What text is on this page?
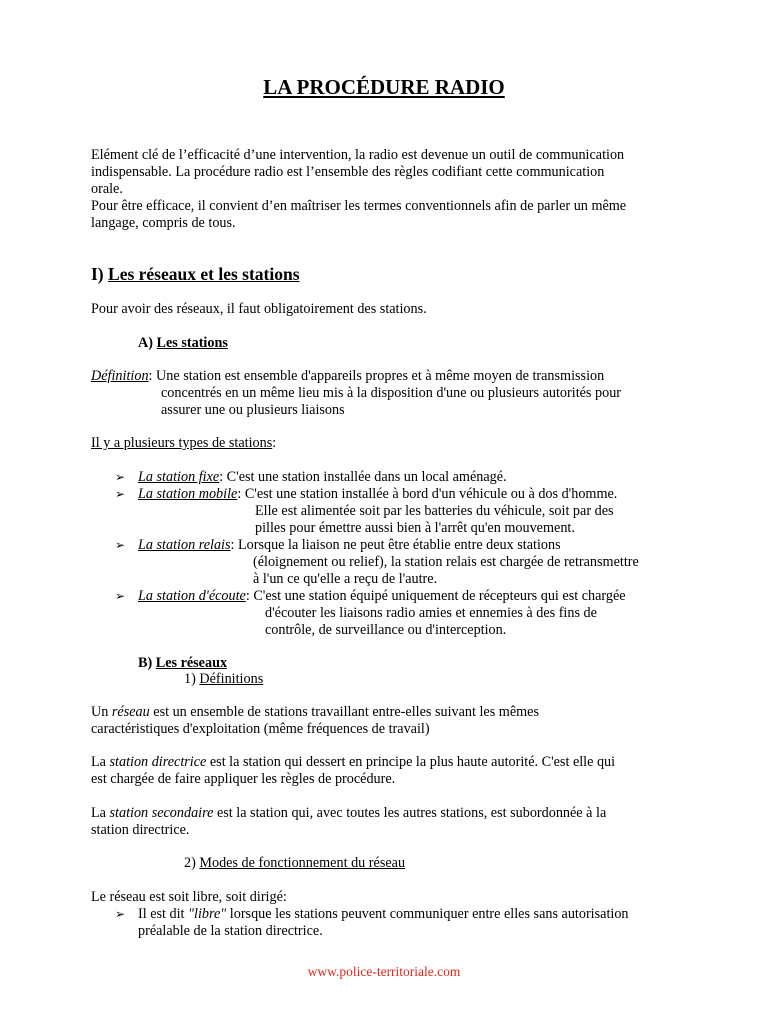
LA PROCÉDURE RADIO
Elément clé de l’efficacité d’une intervention, la radio est devenue un outil de communication
indispensable. La procédure radio est l’ensemble des règles codifiant cette communication
orale.
Pour être efficace, il convient d’en maîtriser les termes conventionnels afin de parler un même
langage, compris de tous.
I) Les réseaux et les stations
Pour avoir des réseaux, il faut obligatoirement des stations.
A) Les stations
Définition: Une station est ensemble d'appareils propres et à même moyen de transmission
concentrés en un même lieu mis à la disposition d'une ou plusieurs autorités pour
assurer une ou plusieurs liaisons
Il y a plusieurs types de stations:
➢ La station fixe: C'est une station installée dans un local aménagé.
➢ La station mobile: C'est une station installée à bord d'un véhicule ou à dos d'homme.
Elle est alimentée soit par les batteries du véhicule, soit par des
pilles pour émettre aussi bien à l'arrêt qu'en mouvement.
➢ La station relais: Lorsque la liaison ne peut être établie entre deux stations
(éloignement ou relief), la station relais est chargée de retransmettre
à l'un ce qu'elle a reçu de l'autre.
➢ La station d'écoute: C'est une station équipé uniquement de récepteurs qui est chargée
d'écouter les liaisons radio amies et ennemies à des fins de
contrôle, de surveillance ou d'interception.
B) Les réseaux
1) Définitions
Un réseau est un ensemble de stations travaillant entre-elles suivant les mêmes
caractéristiques d'exploitation (même fréquences de travail)
La station directrice est la station qui dessert en principe la plus haute autorité. C'est elle qui
est chargée de faire appliquer les règles de procédure.
La station secondaire est la station qui, avec toutes les autres stations, est subordonnée à la
station directrice.
2) Modes de fonctionnement du réseau
Le réseau est soit libre, soit dirigé:
➢ Il est dit "libre" lorsque les stations peuvent communiquer entre elles sans autorisation
préalable de la station directrice.
www.police-territoriale.com
